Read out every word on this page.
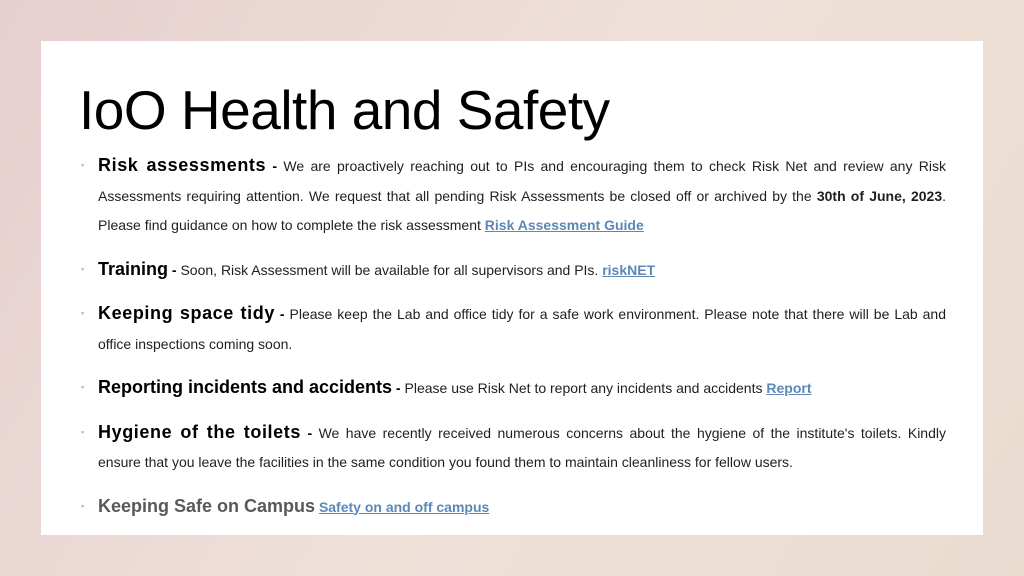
IoO Health and Safety
▪ Risk assessments - We are proactively reaching out to PIs and encouraging them to check Risk Net and review any Risk Assessments requiring attention. We request that all pending Risk Assessments be closed off or archived by the 30th of June, 2023. Please find guidance on how to complete the risk assessment Risk Assessment Guide
▪ Training - Soon, Risk Assessment will be available for all supervisors and PIs. riskNET
▪ Keeping space tidy - Please keep the Lab and office tidy for a safe work environment. Please note that there will be Lab and office inspections coming soon.
▪ Reporting incidents and accidents - Please use Risk Net to report any incidents and accidents Report
▪ Hygiene of the toilets - We have recently received numerous concerns about the hygiene of the institute's toilets. Kindly ensure that you leave the facilities in the same condition you found them to maintain cleanliness for fellow users.
▪ Keeping Safe on Campus Safety on and off campus
